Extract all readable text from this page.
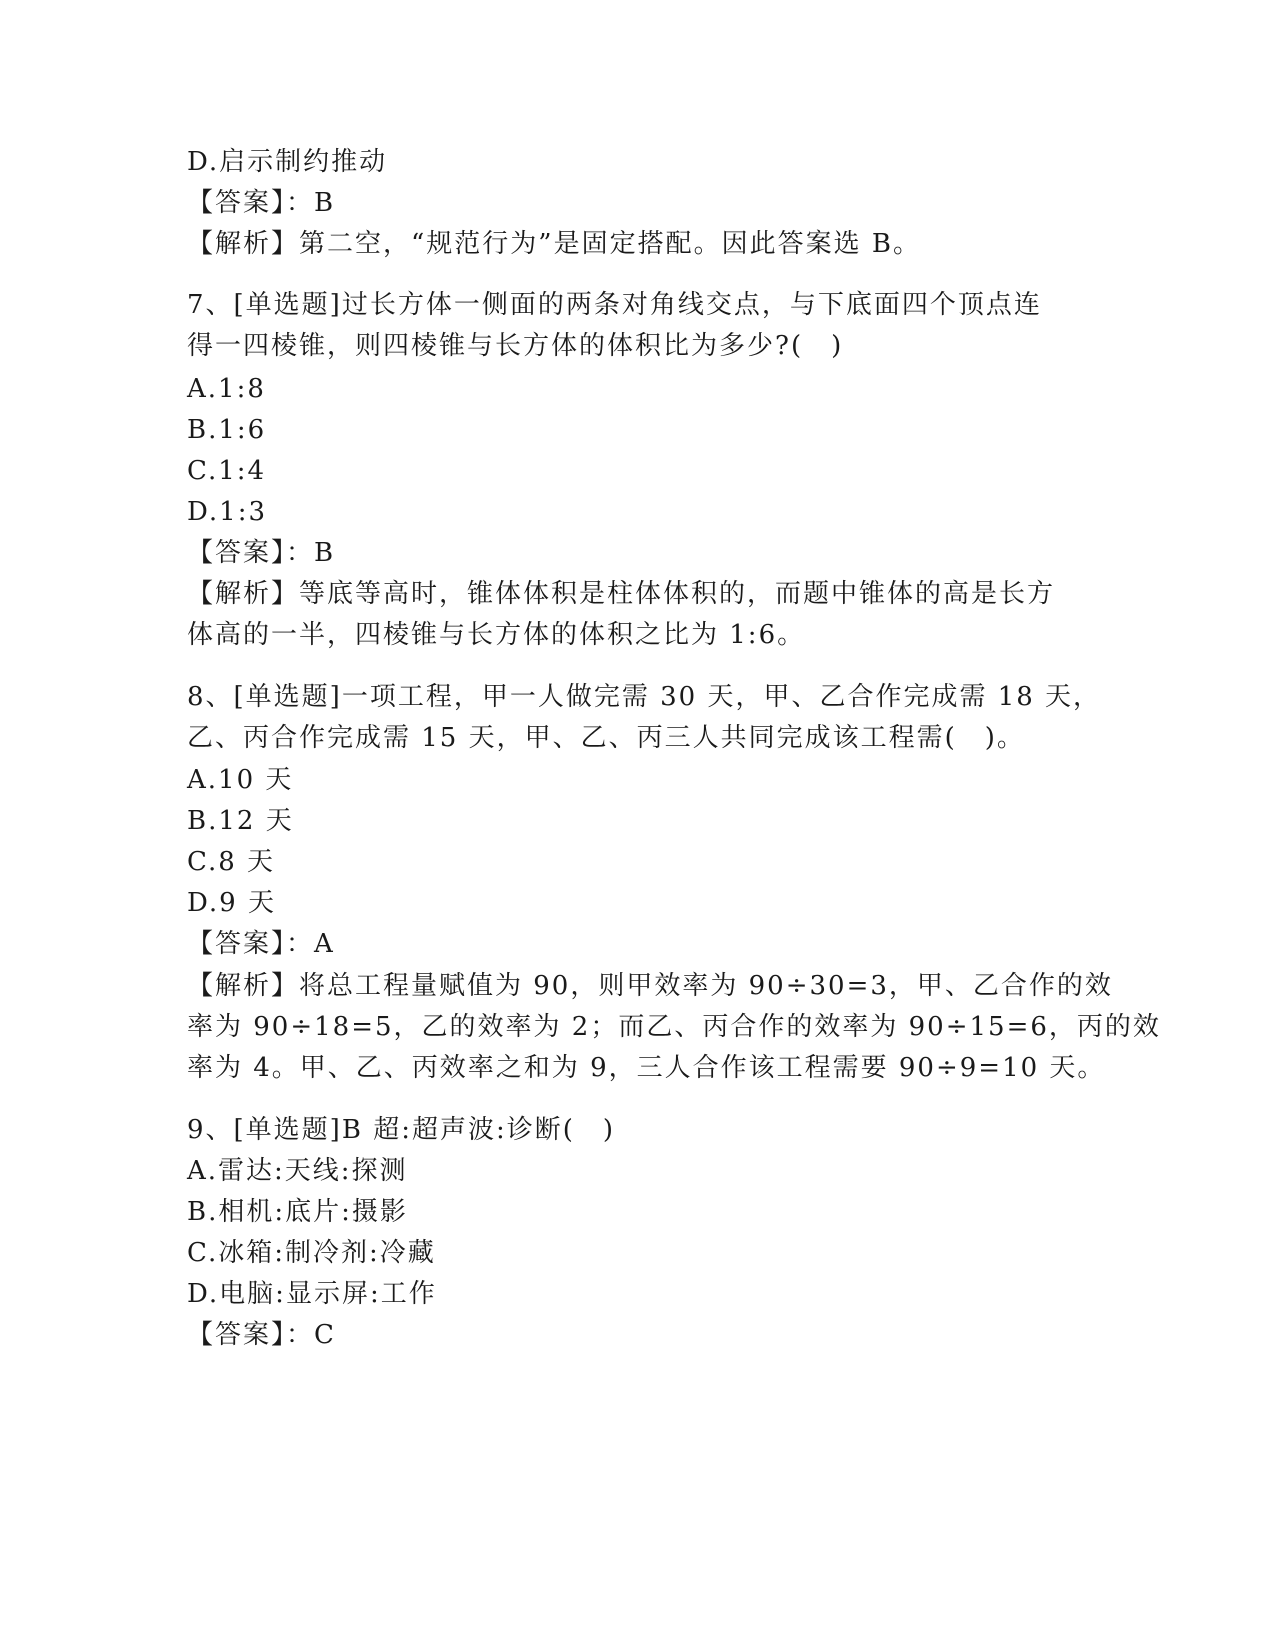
D.启示制约推动

【答案】：B

【解析】第二空，“规范行为”是固定搭配。因此答案选 B。

7、[单选题]过长方体一侧面的两条对角线交点，与下底面四个顶点连

得一四棱锥，则四棱锥与长方体的体积比为多少?(　)

A.1:8

B.1:6

C.1:4

D.1:3

【答案】：B

【解析】等底等高时，锥体体积是柱体体积的，而题中锥体的高是长方

体高的一半，四棱锥与长方体的体积之比为 1:6。

8、[单选题]一项工程，甲一人做完需 30 天，甲、乙合作完成需 18 天，

乙、丙合作完成需 15 天，甲、乙、丙三人共同完成该工程需(　)。

A.10 天

B.12 天

C.8 天

D.9 天

【答案】：A

【解析】将总工程量赋值为 90，则甲效率为 90÷30=3，甲、乙合作的效

率为 90÷18=5，乙的效率为 2；而乙、丙合作的效率为 90÷15=6，丙的效

率为 4。甲、乙、丙效率之和为 9，三人合作该工程需要 90÷9=10 天。

9、[单选题]B 超:超声波:诊断(　)

A.雷达:天线:探测

B.相机:底片:摄影

C.冰箱:制冷剂:冷藏

D.电脑:显示屏:工作

【答案】：C
